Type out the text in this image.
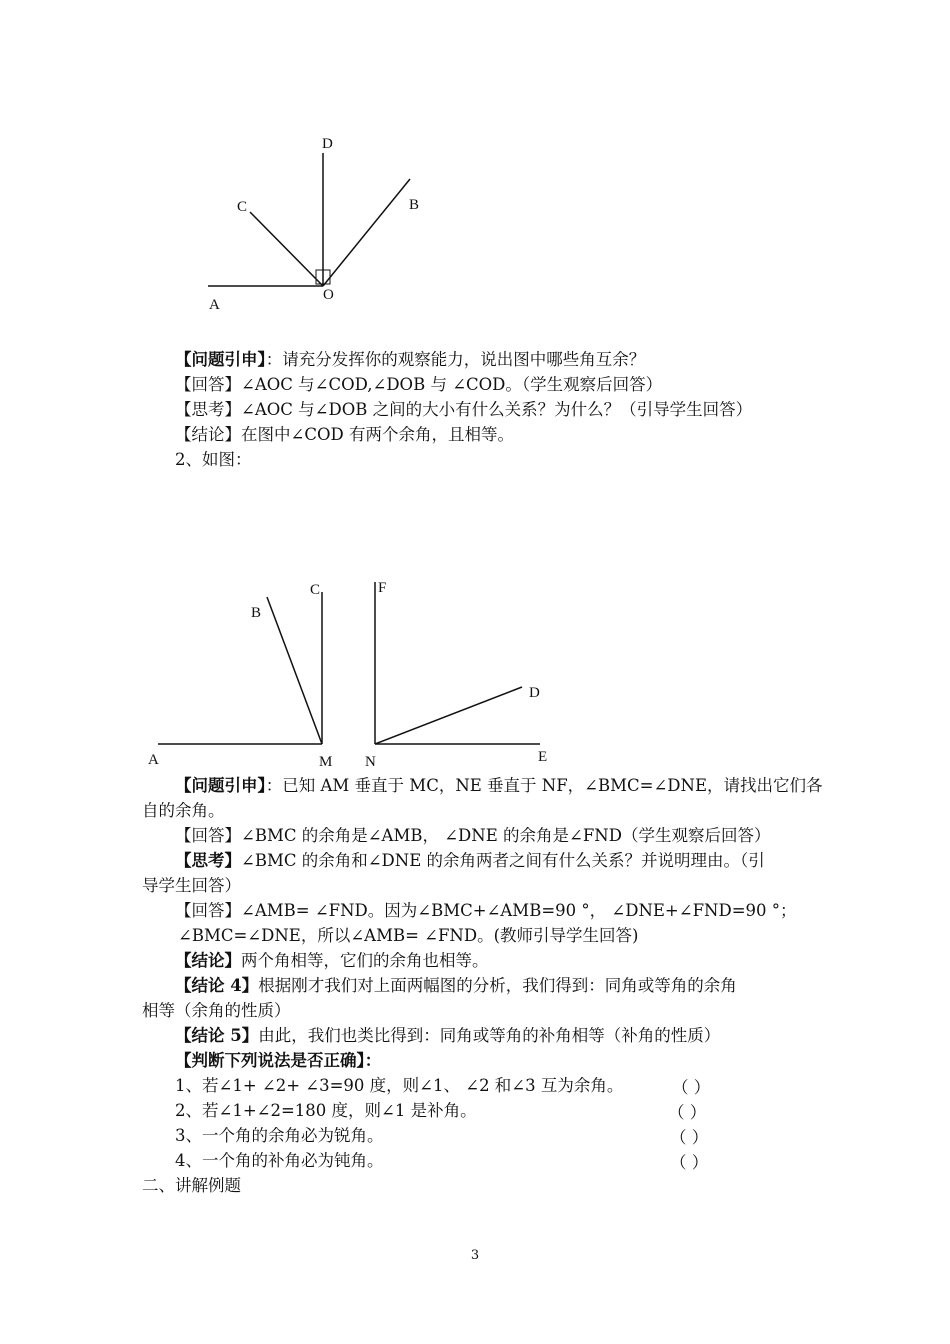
D
C	B
A
O
A	M
B
C	F
D
N	E
【问题引申】：请充分发挥你的观察能力，说出图中哪些角互余？
【回答】∠AOC 与∠COD,∠DOB 与 ∠COD。（学生观察后回答）
【思考】∠AOC 与∠DOB 之间的大小有什么关系？为什么？（引导学生回答）
【结论】在图中∠COD 有两个余角，且相等。
2、如图：
【问题引申】：已知 AM 垂直于 MC，NE 垂直于 NF，∠BMC=∠DNE，请找出它们各
自的余角。
【回答】∠BMC 的余角是∠AMB， ∠DNE 的余角是∠FND（学生观察后回答）
【思考】∠BMC 的余角和∠DNE 的余角两者之间有什么关系？并说明理由。（引
导学生回答）
【回答】∠AMB= ∠FND。因为∠BMC+∠AMB=90 °， ∠DNE+∠FND=90 °；
∠BMC=∠DNE，所以∠AMB= ∠FND。(教师引导学生回答)
【结论】两个角相等，它们的余角也相等。
【结论 4】根据刚才我们对上面两幅图的分析，我们得到：同角或等角的余角
相等（余角的性质）
【结论 5】由此，我们也类比得到：同角或等角的补角相等（补角的性质）
【判断下列说法是否正确】：
1、若∠1+ ∠2+ ∠3=90 度，则∠1、 ∠2 和∠3 互为余角。	（ ）
2、若∠1+∠2=180 度，则∠1 是补角。	（ ）
3、一个角的余角必为锐角。	（ ）
4、一个角的补角必为钝角。	（ ）
二、讲解例题
3
